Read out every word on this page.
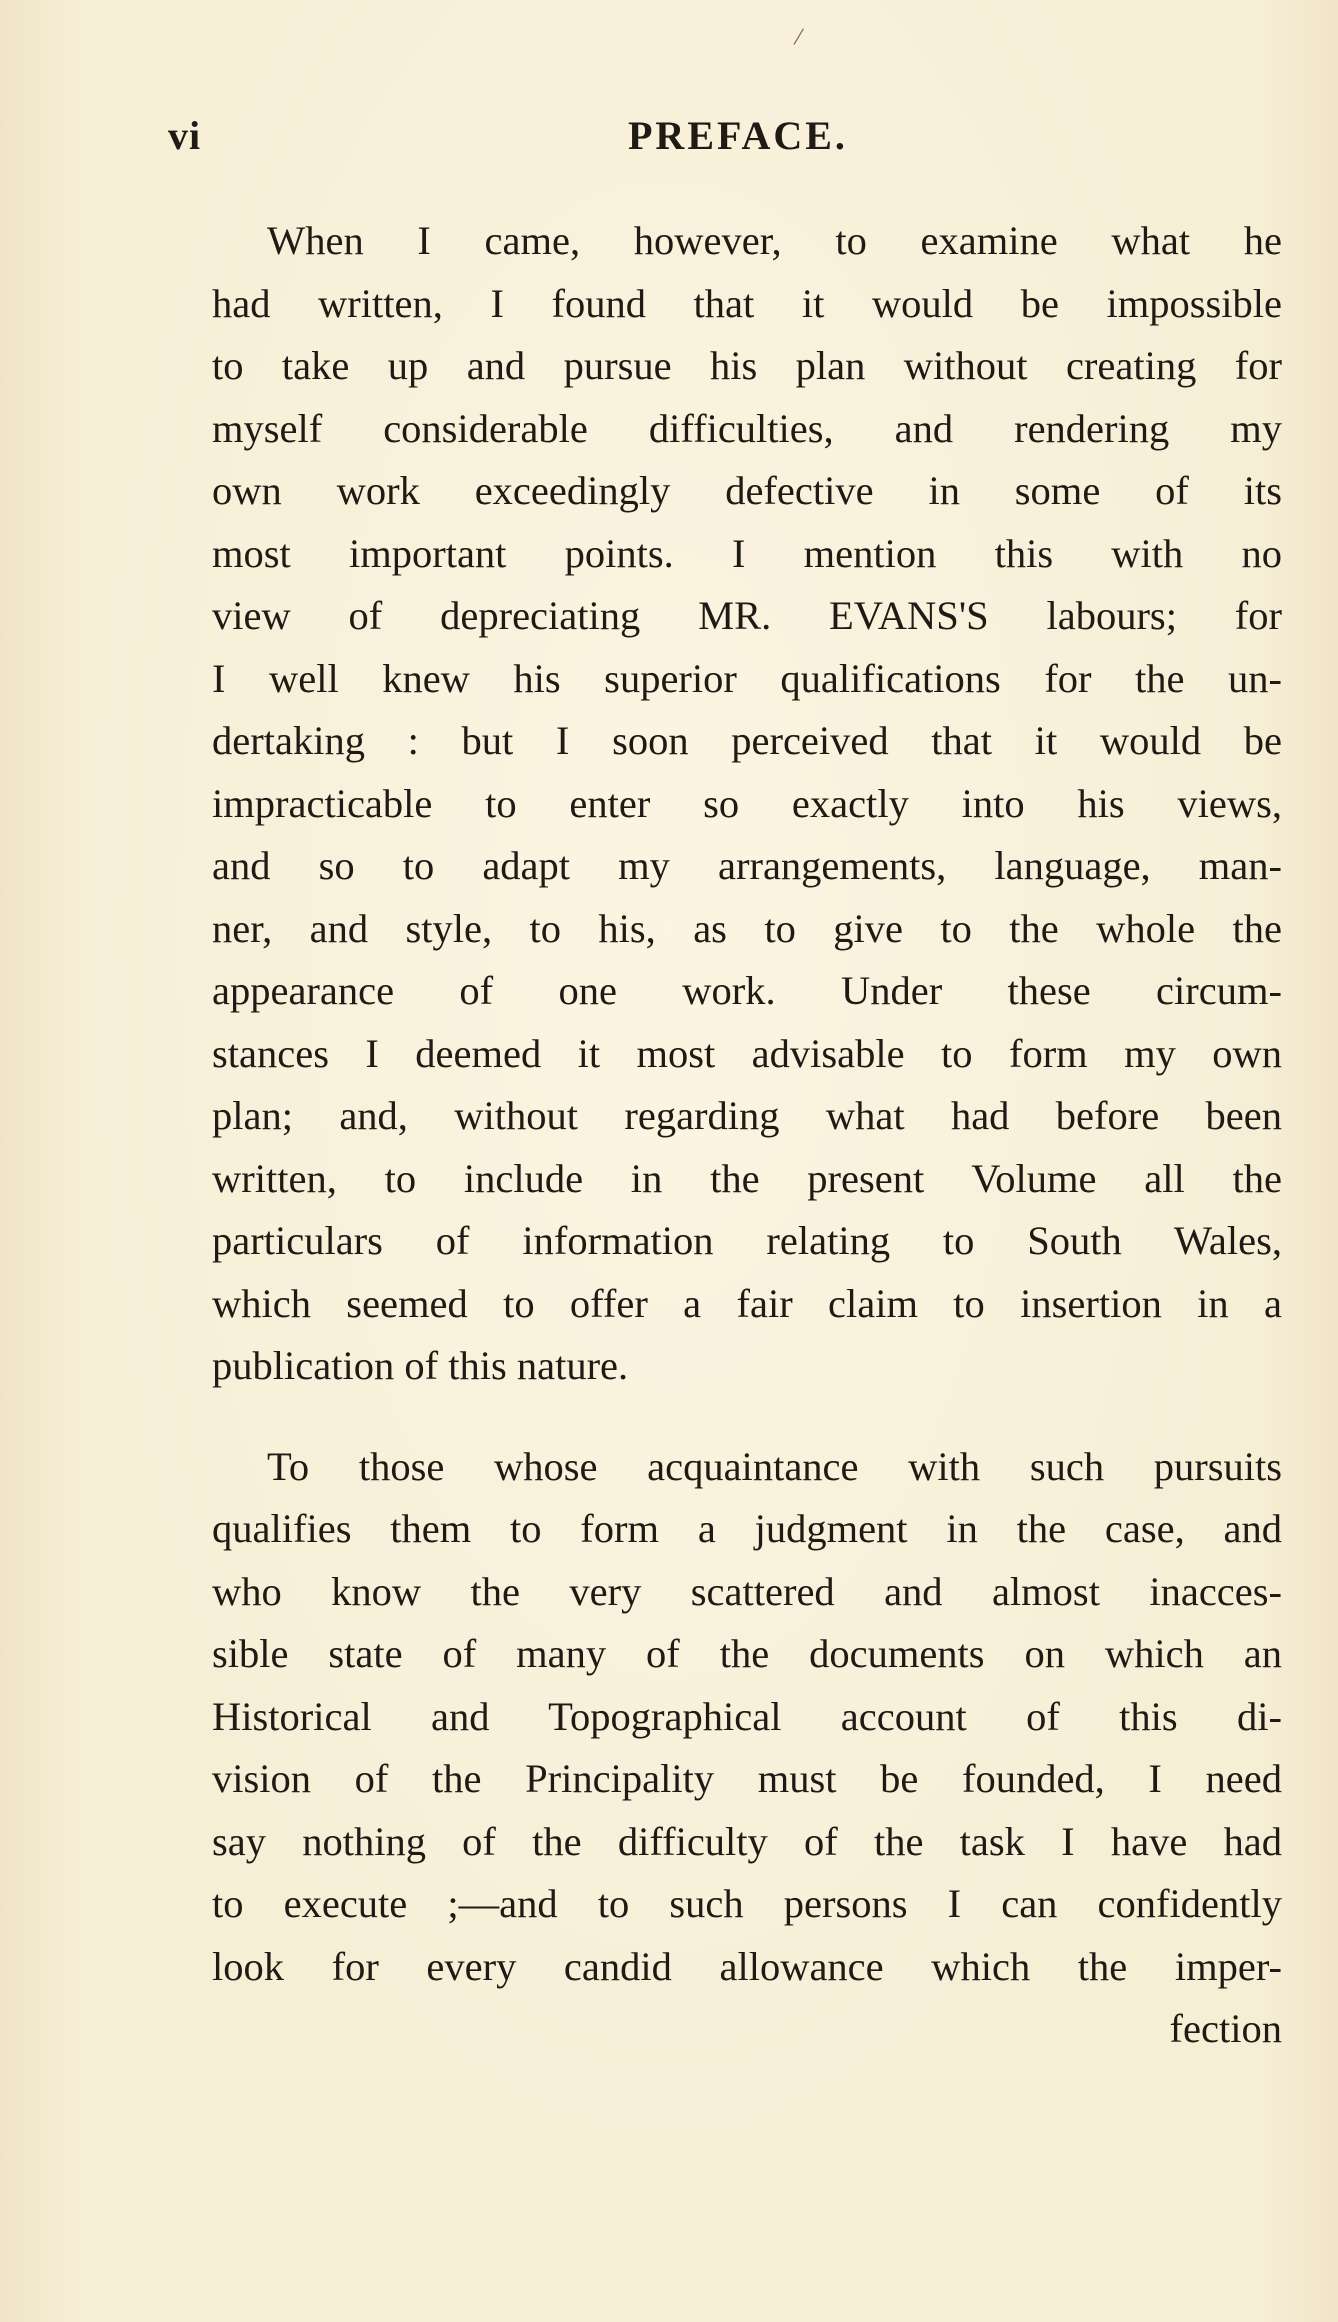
/
vi	PREFACE.
When I came, however, to examine what he
had written, I found that it would be impossible
to take up and pursue his plan without creating for
myself considerable difficulties, and rendering my
own work exceedingly defective in some of its
most important points. I mention this with no
view of depreciating MR. EVANS'S labours; for
I well knew his superior qualifications for the un-
dertaking : but I soon perceived that it would be
impracticable to enter so exactly into his views,
and so to adapt my arrangements, language, man-
ner, and style, to his, as to give to the whole the
appearance of one work. Under these circum-
stances I deemed it most advisable to form my own
plan; and, without regarding what had before been
written, to include in the present Volume all the
particulars of information relating to South Wales,
which seemed to offer a fair claim to insertion in a
publication of this nature.
To those whose acquaintance with such pursuits
qualifies them to form a judgment in the case, and
who know the very scattered and almost inacces-
sible state of many of the documents on which an
Historical and Topographical account of this di-
vision of the Principality must be founded, I need
say nothing of the difficulty of the task I have had
to execute ;—and to such persons I can confidently
look for every candid allowance which the imper-
fection
